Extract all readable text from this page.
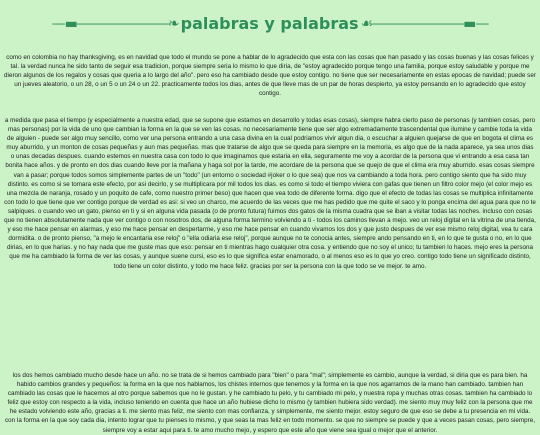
—▬―――――――❧ palabras y palabras ☙―――――――▬—

como en colombia no hay thanksgiving, es en navidad que todo el mundo se pone a hablar de lo agradecido que esta con las cosas que han pasado y las cosas buenas y las cosas felices y tal. la verdad nunca he sido tanto de seguir esa tradicion, porque siempre seria lo mismo lo que diria, de "estoy agradecido porque tengo una familia, porque estoy saludable y porque me dieron algunos de los regalos y cosas que queria a lo largo del año". pero eso ha cambiado desde que estoy contigo. no tiene que ser necesariamente en estas epocas de navidad; puede ser un jueves aleatorio, o un 28, o un 5 o un 24 o un 22. practicamente todos los dias, antes de que lleve mas de un par de horas despierto, ya estoy pensando en lo agradecido que estoy contigo.

a medida que pasa el tiempo (y especialmente a nuestra edad, que se supone que estamos en desarrollo y todas esas cosas), siempre habra cierto paso de personas (y tambien cosas, pero mas personas) por la vida de uno que cambian la forma en la que se ven las cosas. no necesariamente tiene que ser algo extremadamente trascendental que ilumine y cambie toda la vida de alguien - puede ser algo muy sencillo, como ver una persona entrando a una casa divina en la cual podriamos vivir algun dia, o escuchar a alguien quejarse de que en bogota el clima es muy aburrido, y un monton de cosas pequeñas y aun mas pequeñas. mas que tratarse de algo que se queda para siempre en la memoria, es algo que de la nada aparece, ya sea unos dias o unas decadas despues. cuando estemos en nuestra casa con todo lo que imaginamos que estaria en ella, seguramente me voy a acordar de la persona que vi entrando a esa casa tan bonita hace años. y de pronto en dos dias cuando lleve por la mañana y haga sol por la tarde, me acordare de la persona que se quejo de que el clima era muy aburrido. esas cosas siempre van a pasar; porque todos somos simplemente partes de un "todo" (un entorno o sociedad #joker o lo que sea) que nos va cambiando a toda hora. pero contigo siento que ha sido muy distinto. es como si se tomara este efecto, por asi decirlo, y se multiplicara por mil todos los dias. es como si todo el tiempo viviera con gafas que tienen un filtro color mejo (el color mejo es una mezcla de naranja, rosado y un poquito de cafe, como nuestro primer beso) que hacen que vea todo de diferente forma. digo que el efecto de todas las cosas se multiplica infinitamente con todo lo que tiene que ver contigo porque de verdad es asi: si veo un charco, me acuerdo de las veces que me has pedido que me quite el saco y lo ponga encima del agua para que no te salpiques. o cuando veo un gato, pienso en ti y si en alguna vida pasada (o de pronto futura) fuimos dos gatos de la misma cuadra que se iban a visitar todas las noches. incluso con cosas que no tienen absolutamente nada que ver contigo o con nosotros dos, de alguna forma termino volviendo a ti - todos los caminos llevan a mejo. veo un reloj digital en la vitrina de una tienda, y eso me hace pensar en alarmas, y eso me hace pensar en despertarme, y eso me hace pensar en cuando vivamos los dos y que justo despues de ver ese mismo reloj digital, vea tu cara dormidita. o de pronto pienso, "a mejo le encantaria ese reloj" o "ella odiaria ese reloj", porque aunque no te conocia antes, siempre ando pensando en ti, en lo que te gusta o no, en lo que dirias, en lo que harias. y no hay nada que me guste mas que eso: pensar en ti mientras hago cualquier otra cosa. y entiendo que no soy el unico; tu tambien lo haces. mejo eres la persona que me ha cambiado la forma de ver las cosas, y aunque suene cursi, eso es lo que significa estar enamorado, o al menos eso es lo que yo creo. contigo todo tiene un significado distinto, todo tiene un color distinto, y todo me hace feliz. gracias por ser la persona con la que todo se ve mejor. te amo.

los dos hemos cambiado mucho desde hace un año. no se trata de si hemos cambiado para "bien" o para "mal"; simplemente es cambio, aunque la verdad, si diria que es para bien. ha habido cambios grandes y pequeños: la forma en la que nos hablamos, los chistes internos que tenemos y la forma en la que nos agarramos de la mano han cambiado. tambien han cambiado las cosas que le hacemos al otro porque sabemos que no le gustan. y he cambiado tu pelo, y tu cambiado mi pelo, y nuestra ropa y muchas otras cosas. tambien ha cambiado lo feliz que estoy con respecto a la vida, incluso teniendo en cuenta que hace un año hubiese dicho lo mismo (y tambien hubiera sido verdad). me siento muy muy feliz con la persona que me he estado volviendo este año, gracias a ti. me siento mas feliz, me siento con mas confianza, y simplemente, me siento mejor. estoy seguro de que eso se debe a tu presencia en mi vida. con la forma en la que soy cada dia, intento lograr que tu pienses lo mismo, y que seas la mas feliz en todo momento. se que no siempre se puede y que a veces pasan cosas, pero siempre, siempre voy a estar aqui para ti. te amo mucho mejo, y espero que este año que viene sea igual o mejor que el anterior.
